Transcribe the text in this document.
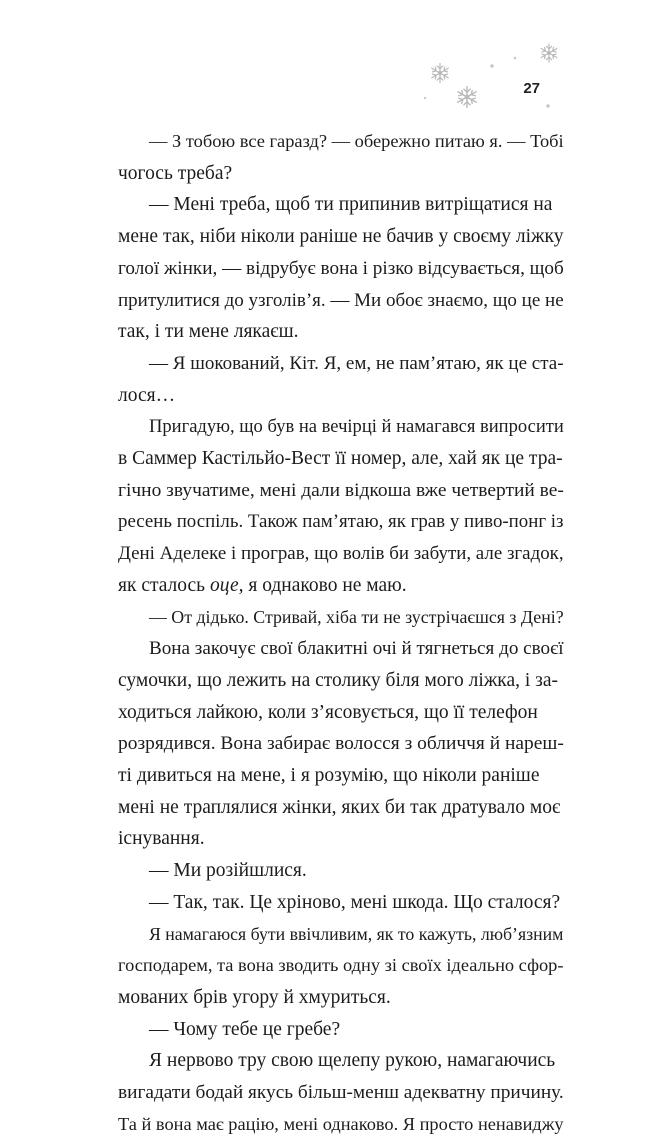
27

— З тобою все гаразд? — обережно питаю я. — Тобі
чогось треба?

— Мені треба, щоб ти припинив витріщатися на
мене так, ніби ніколи раніше не бачив у своєму ліжку
голої жінки, — відрубує вона і різко відсувається, щоб
притулитися до узголів’я. — Ми обоє знаємо, що це не
так, і ти мене лякаєш.

— Я шокований, Кіт. Я, ем, не пам’ятаю, як це ста-
лося…

Пригадую, що був на вечірці й намагався випросити
в Саммер Кастільйо-Вест її номер, але, хай як це тра-
гічно звучатиме, мені дали відкоша вже четвертий ве-
ресень поспіль. Також пам’ятаю, як грав у пиво-понг із
Дені Аделеке і програв, що волів би забути, але згадок,
як сталось оце, я однаково не маю.

— От дідько. Стривай, хіба ти не зустрічаєшся з Дені?

Вона закочує свої блакитні очі й тягнеться до своєї
сумочки, що лежить на столику біля мого ліжка, і за-
ходиться лайкою, коли з’ясовується, що її телефон
розрядився. Вона забирає волосся з обличчя й нареш-
ті дивиться на мене, і я розумію, що ніколи раніше
мені не траплялися жінки, яких би так дратувало моє
існування.

— Ми розійшлися.

— Так, так. Це хріново, мені шкода. Що сталося?

Я намагаюся бути ввічливим, як то кажуть, люб’язним
господарем, та вона зводить одну зі своїх ідеально сфор-
мованих брів угору й хмуриться.

— Чому тебе це гребе?

Я нервово тру свою щелепу рукою, намагаючись
вигадати бодай якусь більш-менш адекватну причину.
Та й вона має рацію, мені однаково. Я просто ненавиджу
